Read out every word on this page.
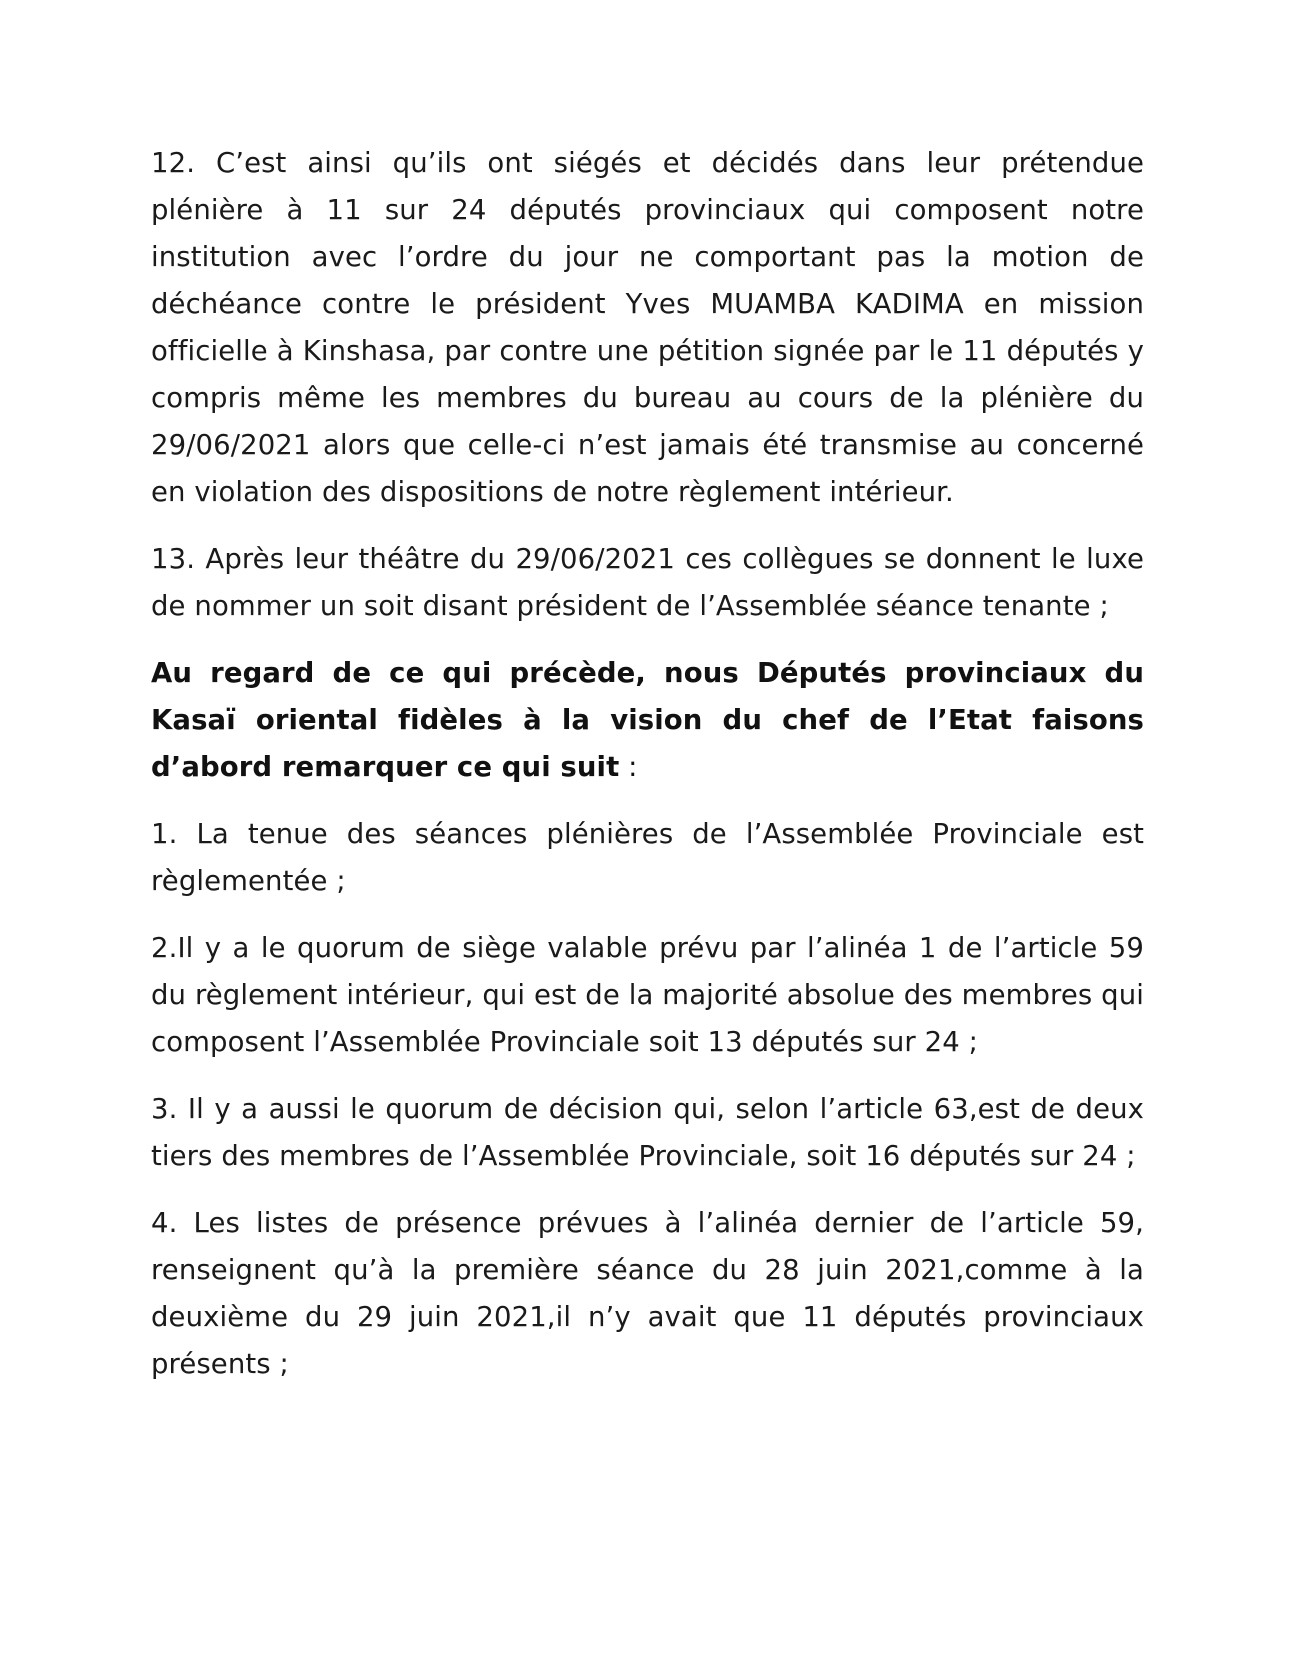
12. C’est ainsi qu’ils ont siégés et décidés dans leur prétendue plénière à 11 sur 24 députés provinciaux qui composent notre institution avec l’ordre du jour ne comportant pas la motion de déchéance contre le président Yves MUAMBA KADIMA en mission officielle à Kinshasa, par contre une pétition signée par le 11 députés y compris même les membres du bureau au cours de la plénière du 29/06/2021 alors que celle-ci n’est jamais été transmise au concerné en violation des dispositions de notre règlement intérieur.

13. Après leur théâtre du 29/06/2021 ces collègues se donnent le luxe de nommer un soit disant président de l’Assemblée séance tenante ;

Au regard de ce qui précède, nous Députés provinciaux du Kasaï oriental fidèles à la vision du chef de l’Etat faisons d’abord remarquer ce qui suit :

1. La tenue des séances plénières de l’Assemblée Provinciale est règlementée ;

2.Il y a le quorum de siège valable prévu par l’alinéa 1 de l’article 59 du règlement intérieur, qui est de la majorité absolue des membres qui composent l’Assemblée Provinciale soit 13 députés sur 24 ;

3. Il y a aussi le quorum de décision qui, selon l’article 63,est de deux tiers des membres de l’Assemblée Provinciale, soit 16 députés sur 24 ;

4. Les listes de présence prévues à l’alinéa dernier de l’article 59, renseignent qu’à la première séance du 28 juin 2021,comme à la deuxième du 29 juin 2021,il n’y avait que 11 députés provinciaux présents ;
